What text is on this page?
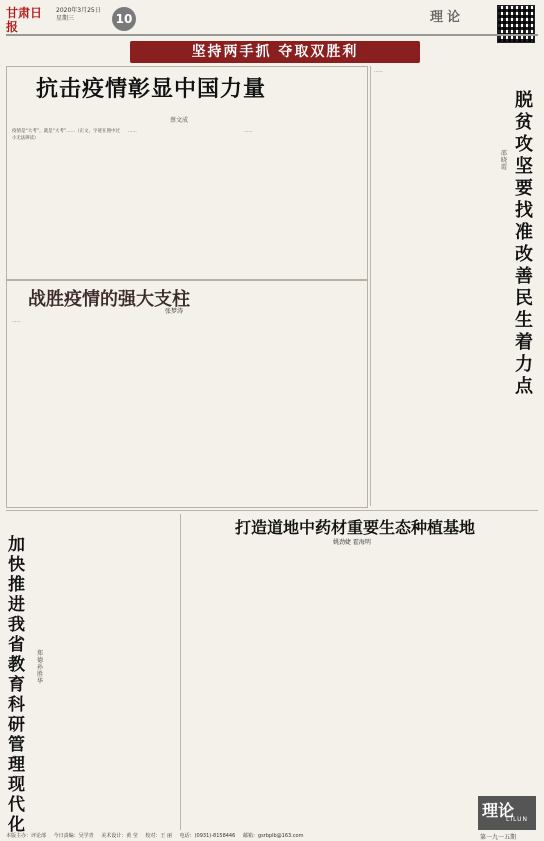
甘肃日报
2020年3月25日
星期三	10	理论
坚持两手抓 夺取双胜利
抗击疫情彰显中国力量
蔡文成
疫情是“大考”，就是“大考”……（正文，字迹在图中过小无法辨读）
……	……
……
脱贫攻坚要找准改善民生着力点
邵晓霞
战胜疫情的强大支柱
张梦涛
……
加快推进我省教育科研管理现代化
郑德 孙胜华
打造道地中药材重要生态种植基地
姚劲婕 霍海明
理论
LILUN
第一九一五期
本版主办：评论部 今日责编：吴学青 美术设计：黄 莹 校对：王 丽 电话：(0931)-8158446 邮箱：gsrbplb@163.com
